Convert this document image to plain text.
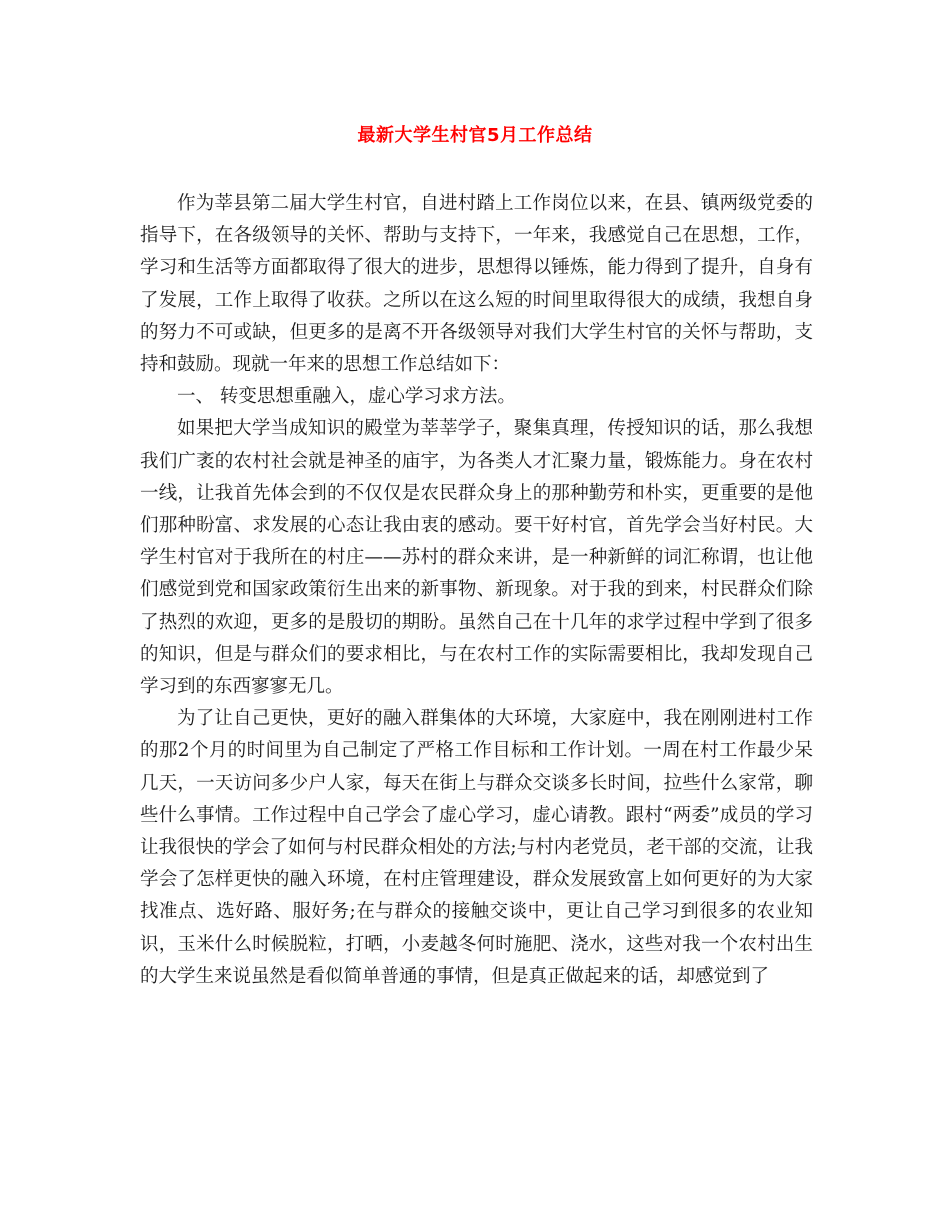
最新大学生村官5月工作总结

作为莘县第二届大学生村官，自进村踏上工作岗位以来，在县、镇两级党委的指导下，在各级领导的关怀、帮助与支持下，一年来，我感觉自己在思想，工作，学习和生活等方面都取得了很大的进步，思想得以锤炼，能力得到了提升，自身有了发展，工作上取得了收获。之所以在这么短的时间里取得很大的成绩，我想自身的努力不可或缺，但更多的是离不开各级领导对我们大学生村官的关怀与帮助，支持和鼓励。现就一年来的思想工作总结如下：

一、 转变思想重融入，虚心学习求方法。

如果把大学当成知识的殿堂为莘莘学子，聚集真理，传授知识的话，那么我想我们广袤的农村社会就是神圣的庙宇，为各类人才汇聚力量，锻炼能力。身在农村一线，让我首先体会到的不仅仅是农民群众身上的那种勤劳和朴实，更重要的是他们那种盼富、求发展的心态让我由衷的感动。要干好村官，首先学会当好村民。大学生村官对于我所在的村庄——苏村的群众来讲，是一种新鲜的词汇称谓，也让他们感觉到党和国家政策衍生出来的新事物、新现象。对于我的到来，村民群众们除了热烈的欢迎，更多的是殷切的期盼。虽然自己在十几年的求学过程中学到了很多的知识，但是与群众们的要求相比，与在农村工作的实际需要相比，我却发现自己学习到的东西寥寥无几。

为了让自己更快，更好的融入群集体的大环境，大家庭中，我在刚刚进村工作的那2个月的时间里为自己制定了严格工作目标和工作计划。一周在村工作最少呆几天，一天访问多少户人家，每天在街上与群众交谈多长时间，拉些什么家常，聊些什么事情。工作过程中自己学会了虚心学习，虚心请教。跟村“两委”成员的学习让我很快的学会了如何与村民群众相处的方法;与村内老党员，老干部的交流，让我学会了怎样更快的融入环境，在村庄管理建设，群众发展致富上如何更好的为大家找准点、选好路、服好务;在与群众的接触交谈中，更让自己学习到很多的农业知识，玉米什么时候脱粒，打晒，小麦越冬何时施肥、浇水，这些对我一个农村出生的大学生来说虽然是看似简单普通的事情，但是真正做起来的话，却感觉到了
